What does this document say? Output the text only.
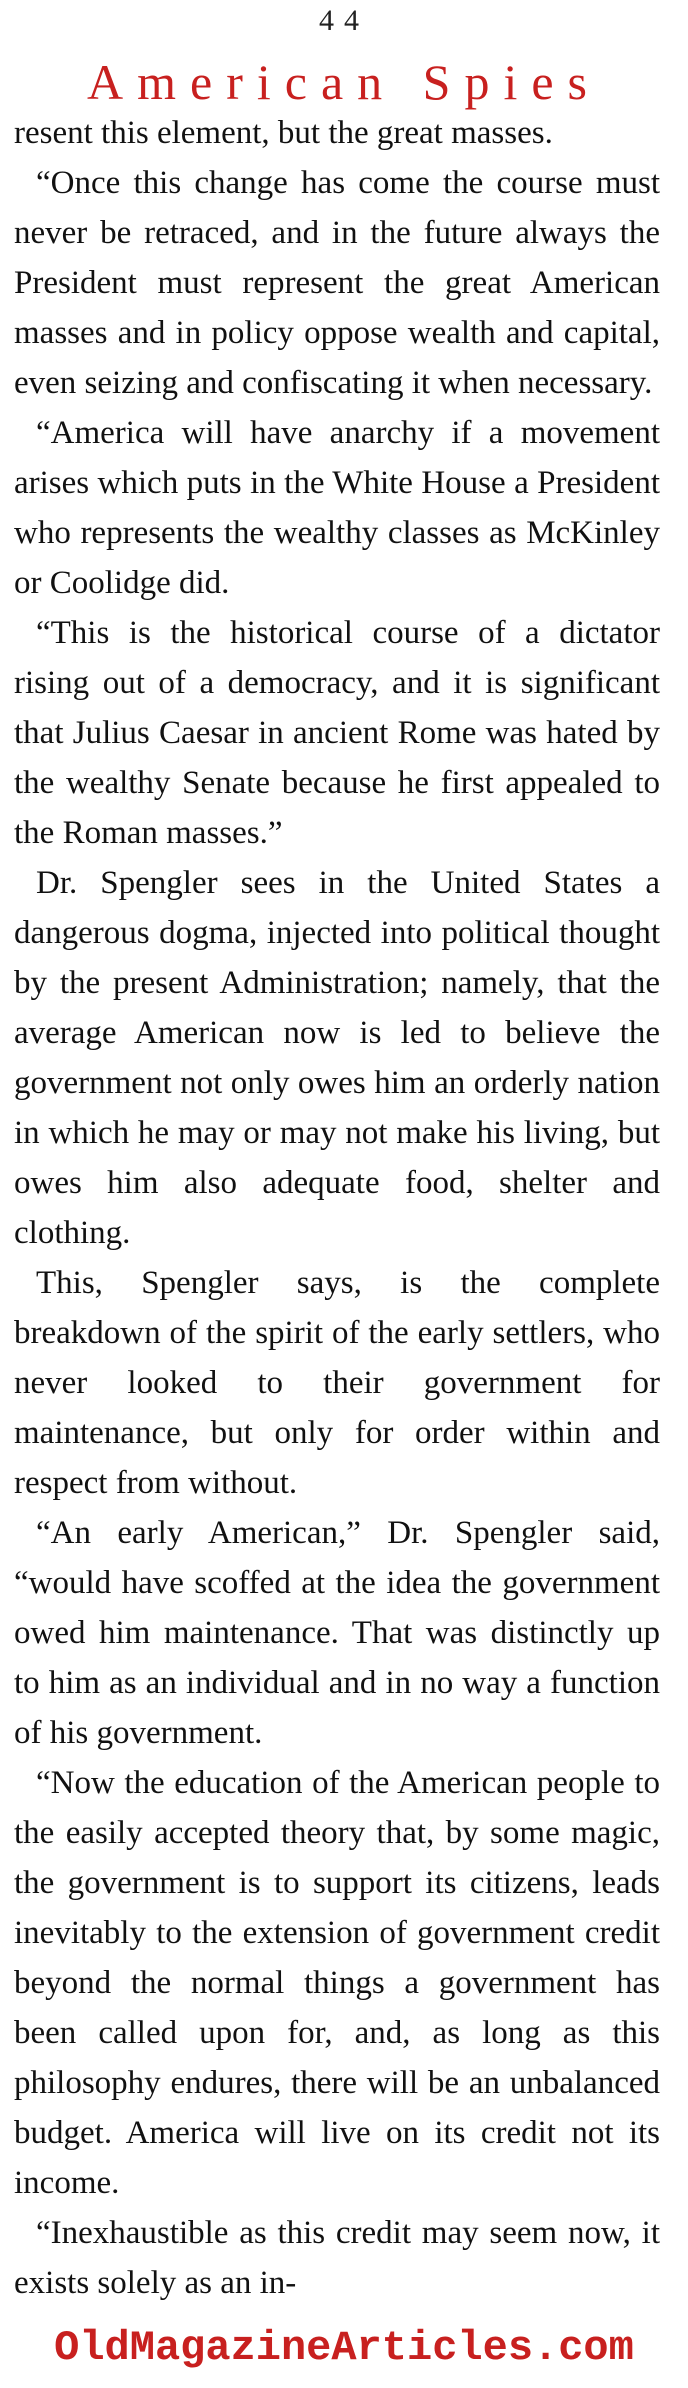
44
American Spies

resent this element, but the great masses.

“Once this change has come the course must never be retraced, and in the future always the President must represent the great American masses and in policy oppose wealth and capital, even seizing and confiscating it when necessary.

“America will have anarchy if a movement arises which puts in the White House a President who represents the wealthy classes as McKinley or Coolidge did.

“This is the historical course of a dictator rising out of a democracy, and it is significant that Julius Caesar in ancient Rome was hated by the wealthy Senate because he first appealed to the Roman masses.”

Dr. Spengler sees in the United States a dangerous dogma, injected into political thought by the present Administration; namely, that the average American now is led to believe the government not only owes him an orderly nation in which he may or may not make his living, but owes him also adequate food, shelter and clothing.

This, Spengler says, is the complete breakdown of the spirit of the early settlers, who never looked to their government for maintenance, but only for order within and respect from without.

“An early American,” Dr. Spengler said, “would have scoffed at the idea the government owed him maintenance. That was distinctly up to him as an individual and in no way a function of his government.

“Now the education of the American people to the easily accepted theory that, by some magic, the government is to support its citizens, leads inevitably to the extension of government credit beyond the normal things a government has been called upon for, and, as long as this philosophy endures, there will be an unbalanced budget. America will live on its credit not its income.

“Inexhaustible as this credit may seem now, it exists solely as an in-

OldMagazineArticles.com
